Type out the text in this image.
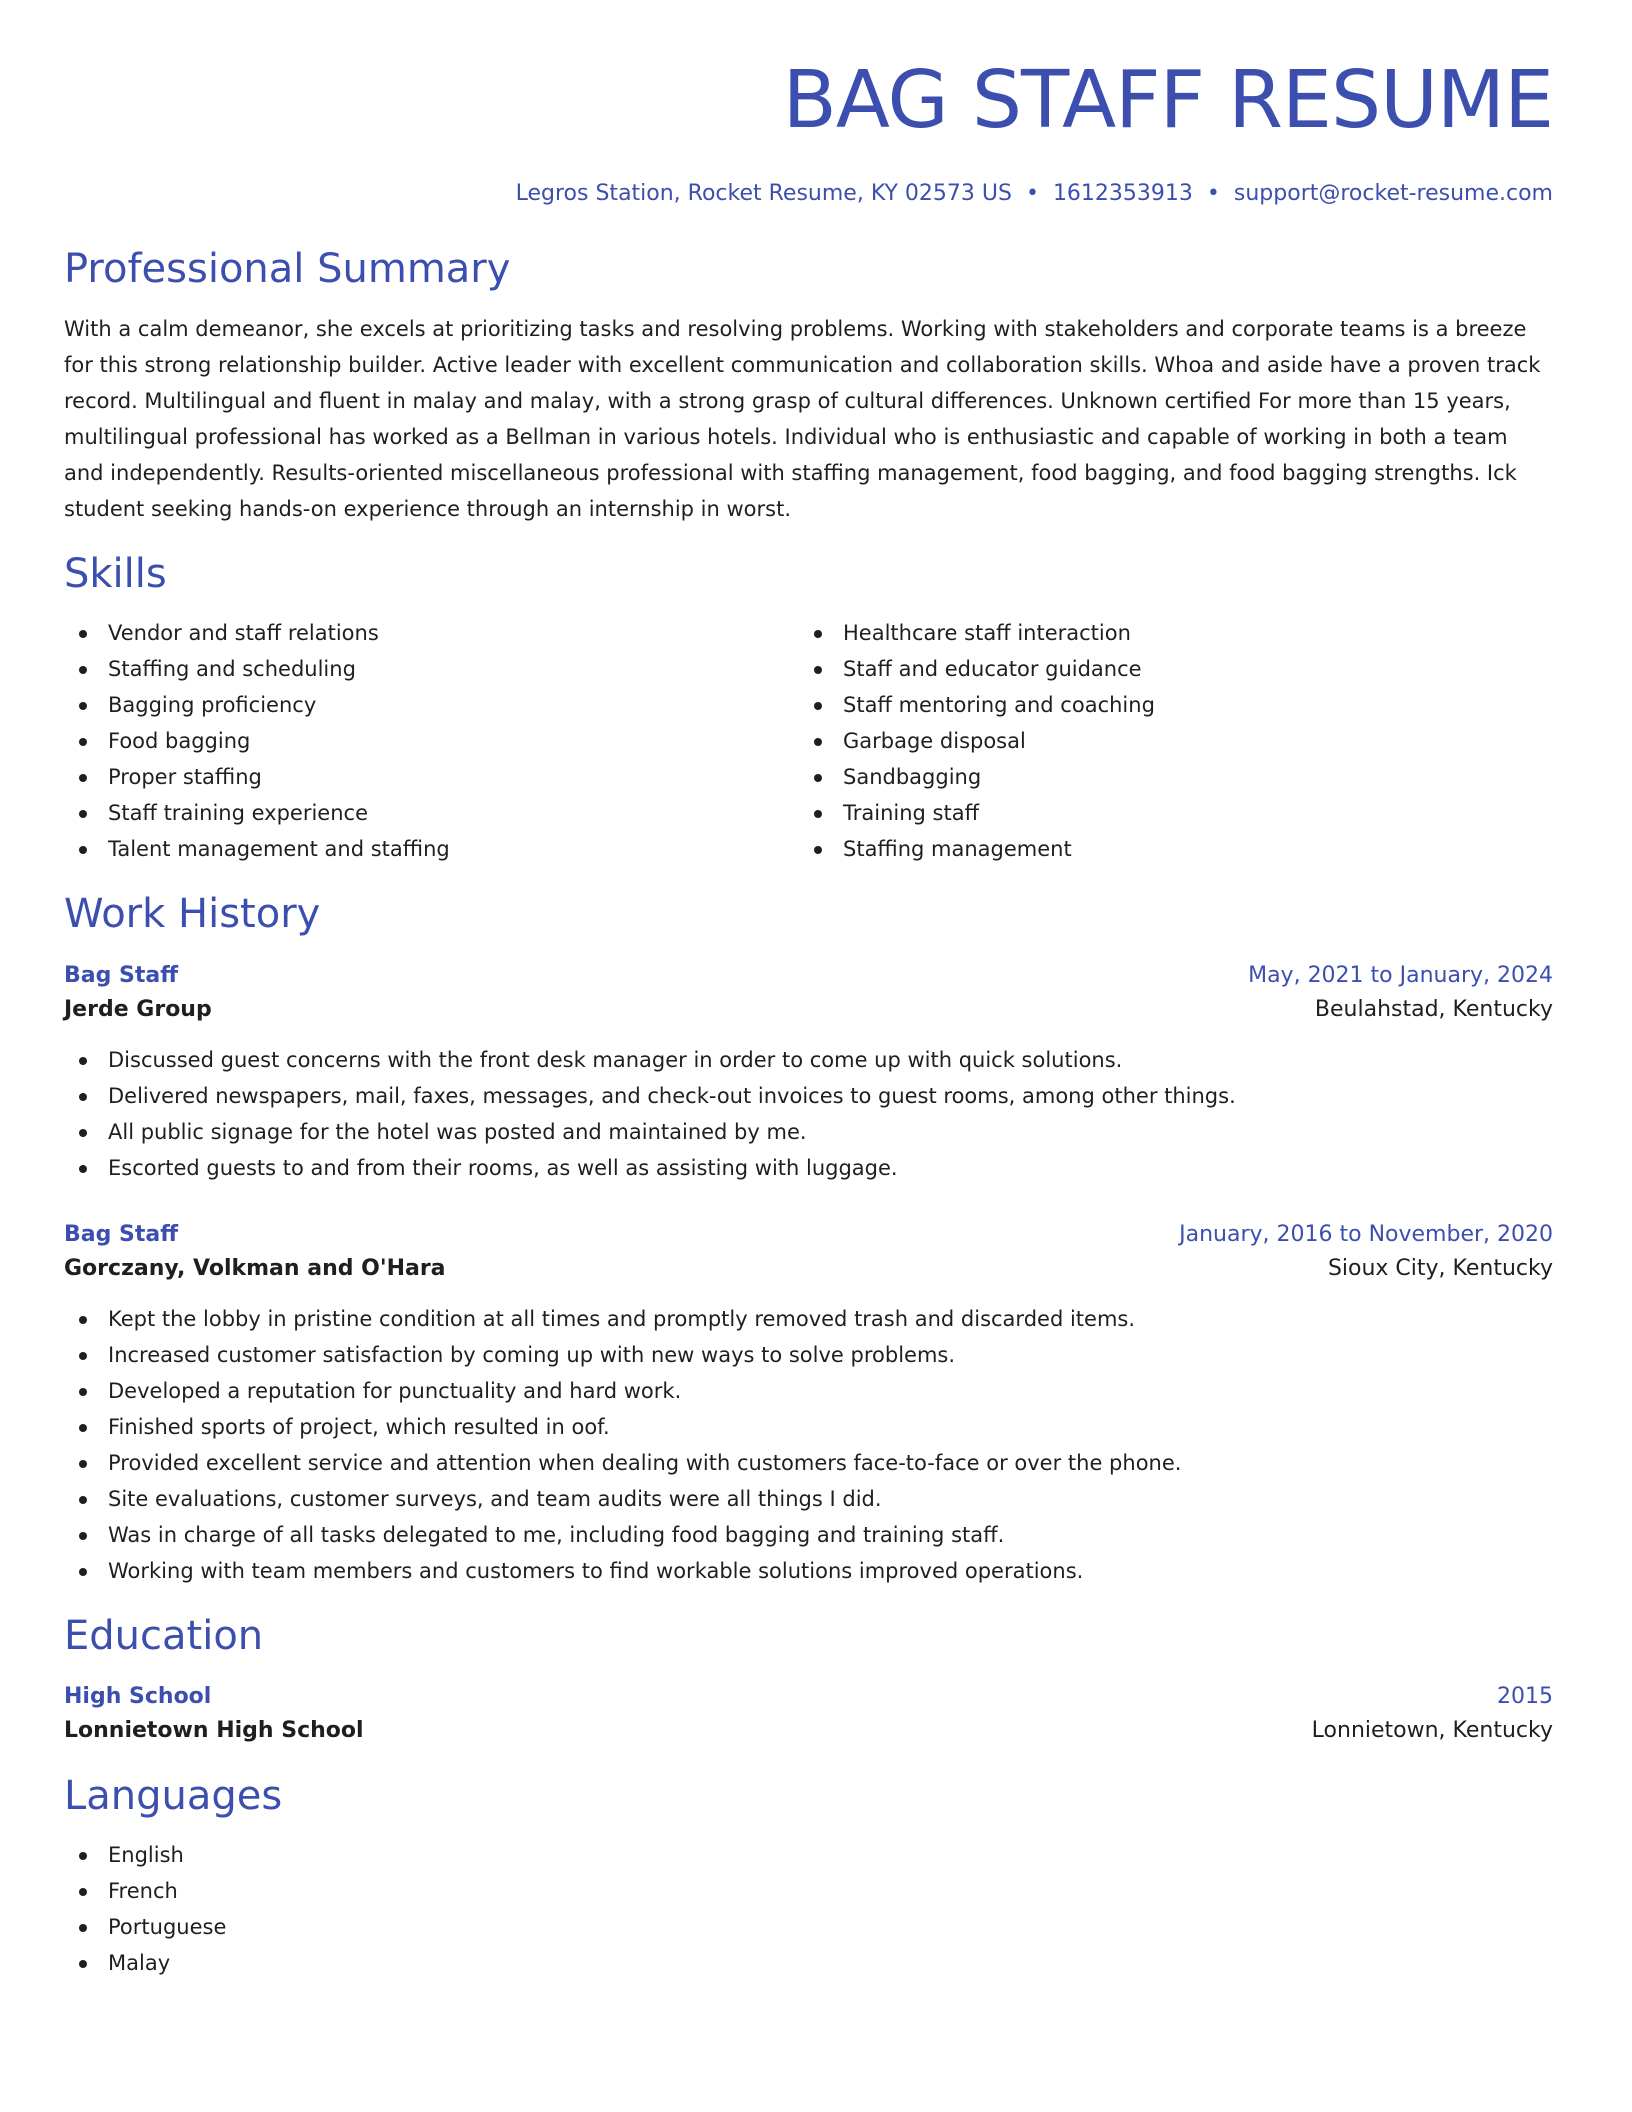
BAG STAFF RESUME
Legros Station, Rocket Resume, KY 02573 US • 1612353913 • support@rocket-resume.com
Professional Summary

With a calm demeanor, she excels at prioritizing tasks and resolving problems. Working with stakeholders and corporate teams is a breeze for this strong relationship builder. Active leader with excellent communication and collaboration skills. Whoa and aside have a proven track record. Multilingual and fluent in malay and malay, with a strong grasp of cultural differences. Unknown certified For more than 15 years, multilingual professional has worked as a Bellman in various hotels. Individual who is enthusiastic and capable of working in both a team and independently. Results-oriented miscellaneous professional with staffing management, food bagging, and food bagging strengths. Ick student seeking hands-on experience through an internship in worst.

Skills
Vendor and staff relations
Staffing and scheduling
Bagging proficiency
Food bagging
Proper staffing
Staff training experience
Talent management and staffing
Healthcare staff interaction
Staff and educator guidance
Staff mentoring and coaching
Garbage disposal
Sandbagging
Training staff
Staffing management
Work History
Bag Staff	May, 2021 to January, 2024
Jerde Group	Beulahstad, Kentucky
Discussed guest concerns with the front desk manager in order to come up with quick solutions.
Delivered newspapers, mail, faxes, messages, and check-out invoices to guest rooms, among other things.
All public signage for the hotel was posted and maintained by me.
Escorted guests to and from their rooms, as well as assisting with luggage.
Bag Staff	January, 2016 to November, 2020
Gorczany, Volkman and O'Hara	Sioux City, Kentucky
Kept the lobby in pristine condition at all times and promptly removed trash and discarded items.
Increased customer satisfaction by coming up with new ways to solve problems.
Developed a reputation for punctuality and hard work.
Finished sports of project, which resulted in oof.
Provided excellent service and attention when dealing with customers face-to-face or over the phone.
Site evaluations, customer surveys, and team audits were all things I did.
Was in charge of all tasks delegated to me, including food bagging and training staff.
Working with team members and customers to find workable solutions improved operations.
Education
High School	2015
Lonnietown High School	Lonnietown, Kentucky
Languages
English
French
Portuguese
Malay
